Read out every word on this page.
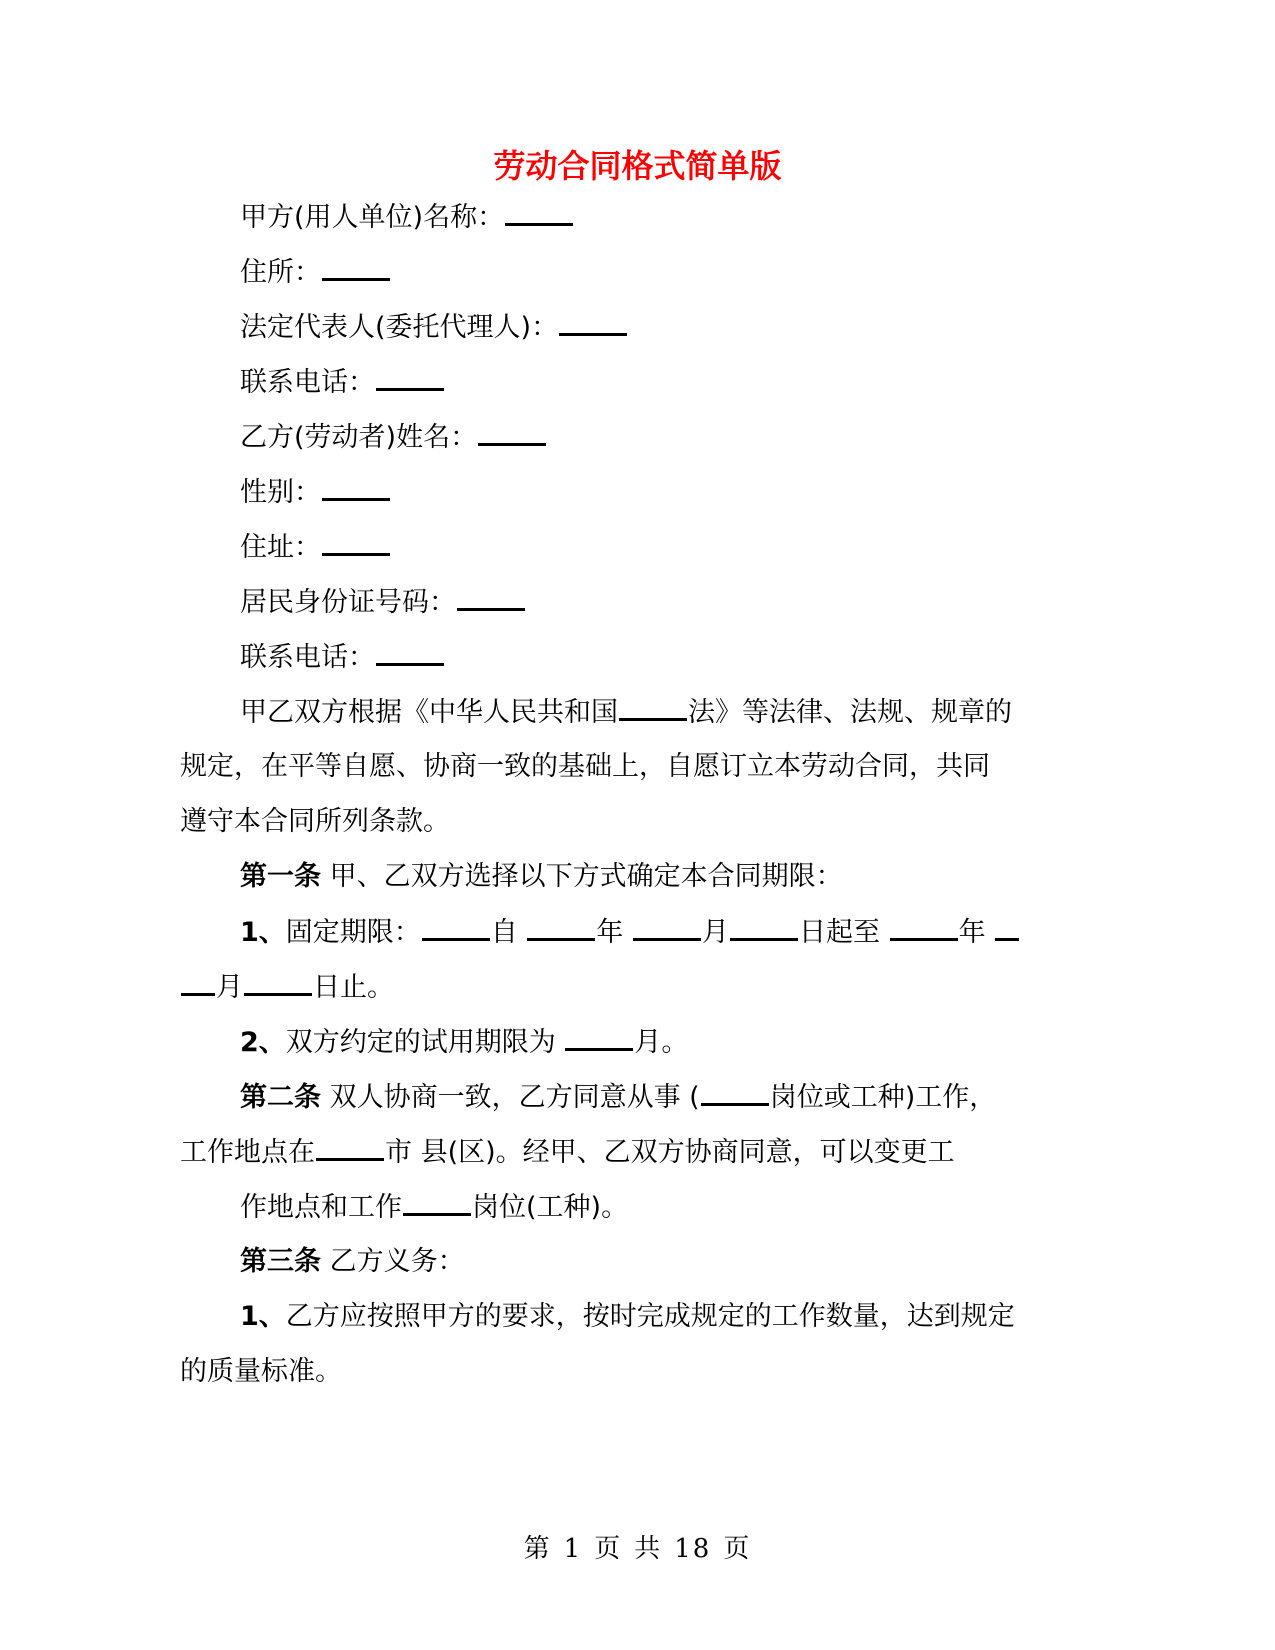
劳动合同格式简单版
甲方(用人单位)名称：
住所：
法定代表人(委托代理人)：
联系电话：
乙方(劳动者)姓名：
性别：
住址：
居民身份证号码：
联系电话：
甲乙双方根据《中华人民共和国	法》等法律、法规、规章的
规定，在平等自愿、协商一致的基础上，自愿订立本劳动合同，共同
遵守本合同所列条款。
第一条 甲、乙双方选择以下方式确定本合同期限：
1、固定期限：	自	年	月	日起至	年
月	日止。
2、双方约定的试用期限为	月。
第二条 双人协商一致，乙方同意从事 (	岗位或工种)工作，
工作地点在	市 县(区)。经甲、乙双方协商同意，可以变更工
作地点和工作	岗位(工种)。
第三条 乙方义务：
1、乙方应按照甲方的要求，按时完成规定的工作数量，达到规定
的质量标准。
第 1 页 共 18 页
